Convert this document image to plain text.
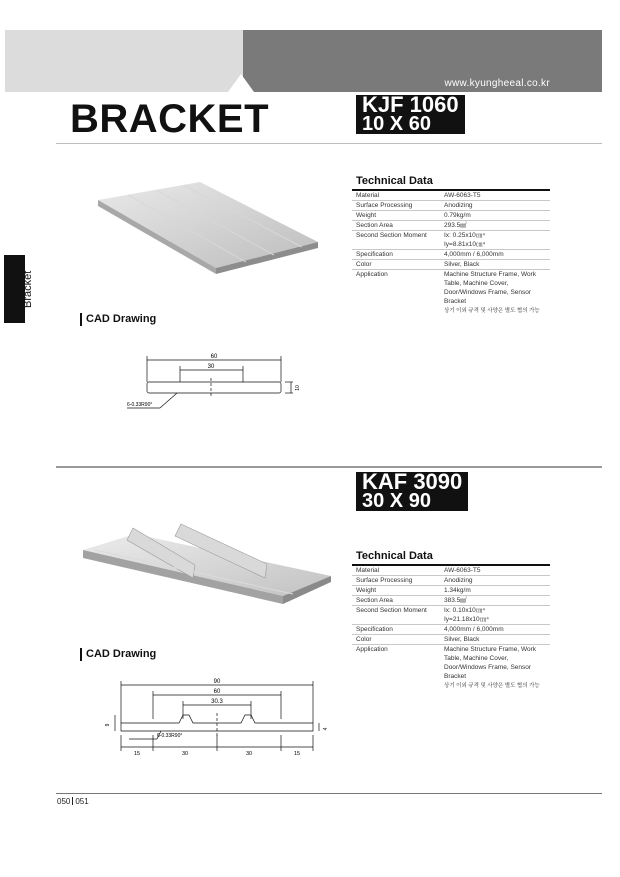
www.kyungheeal.co.kr
BRACKET
Bracket
KJF 1060
10 X 60
CAD Drawing
60
30
10
6-0.33R90°
Technical Data
Material	AW-6063-T5
Surface Processing	Anodizing
Weight	0.79kg/m
Section Area	293.5㎟
Second Section Moment	Ix: 0.25x10㎝⁴
Iy=8.81x10㎝⁴
Specification	4,000mm / 6,000mm
Color	Silver, Black
Application	Machine Structure Frame, Work Table, Machine Cover, Door/Windows Frame, Sensor Bracket
상기 이외 규격 및 사양은 별도 협의 가능
KAF 3090
30 X 90
CAD Drawing
90
60
30.3
9
4
6-0.33R90°
15	30	30	15
Technical Data
Material	AW-6063-T5
Surface Processing	Anodizing
Weight	1.34kg/m
Section Area	383.5㎟
Second Section Moment	Ix: 0.10x10㎝⁴
Iy=21.18x10㎝⁴
Specification	4,000mm / 6,000mm
Color	Silver, Black
Application	Machine Structure Frame, Work Table, Machine Cover, Door/Windows Frame, Sensor Bracket
상기 이외 규격 및 사양은 별도 협의 가능
050 051
